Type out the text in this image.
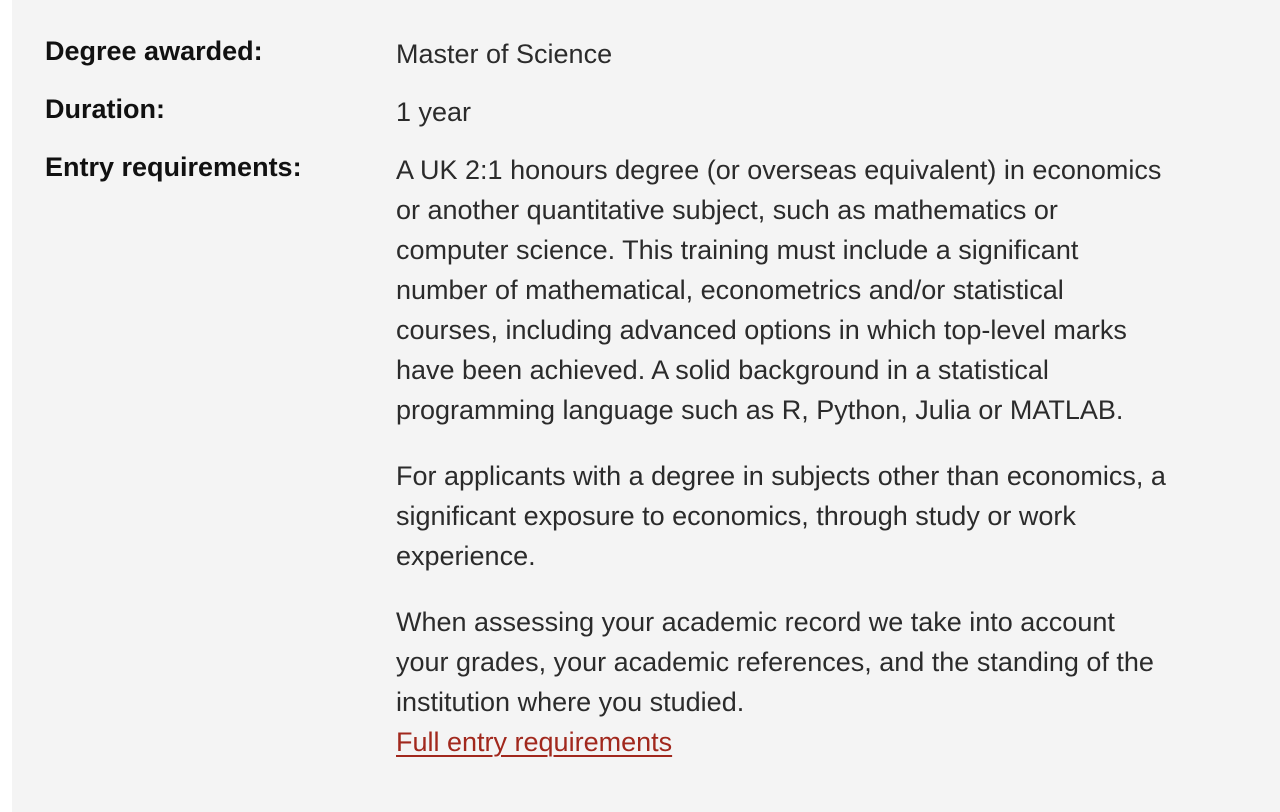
Degree awarded:	Master of Science
Duration:	1 year
Entry requirements:	A UK 2:1 honours degree (or overseas equivalent) in economics or another quantitative subject, such as mathematics or computer science. This training must include a significant number of mathematical, econometrics and/or statistical courses, including advanced options in which top-level marks have been achieved. A solid background in a statistical programming language such as R, Python, Julia or MATLAB.

For applicants with a degree in subjects other than economics, a significant exposure to economics, through study or work experience.

When assessing your academic record we take into account your grades, your academic references, and the standing of the institution where you studied.

Full entry requirements
